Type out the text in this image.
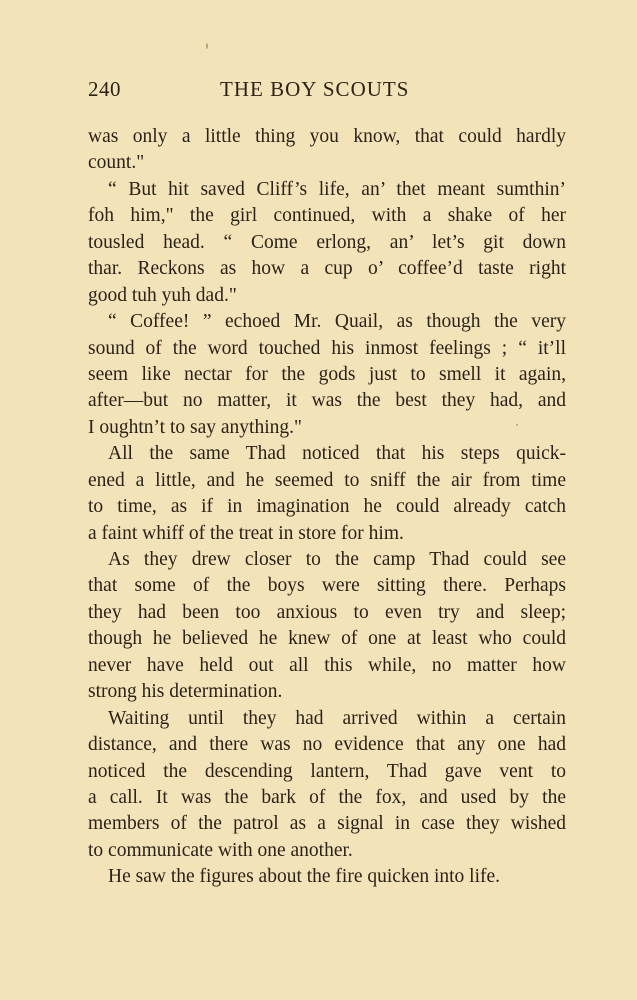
240	THE BOY SCOUTS
was only a little thing you know, that could hardly
count."
“ But hit saved Cliff’s life, an’ thet meant sumthin’
foh him," the girl continued, with a shake of her
tousled head. “ Come erlong, an’ let’s git down
thar. Reckons as how a cup o’ coffee’d taste right
good tuh yuh dad."
“ Coffee! ” echoed Mr. Quail, as though the very
sound of the word touched his inmost feelings ; “ it’ll
seem like nectar for the gods just to smell it again,
after—but no matter, it was the best they had, and
I oughtn’t to say anything."
All the same Thad noticed that his steps quick-
ened a little, and he seemed to sniff the air from time
to time, as if in imagination he could already catch
a faint whiff of the treat in store for him.
As they drew closer to the camp Thad could see
that some of the boys were sitting there. Perhaps
they had been too anxious to even try and sleep;
though he believed he knew of one at least who could
never have held out all this while, no matter how
strong his determination.
Waiting until they had arrived within a certain
distance, and there was no evidence that any one had
noticed the descending lantern, Thad gave vent to
a call. It was the bark of the fox, and used by the
members of the patrol as a signal in case they wished
to communicate with one another.
He saw the figures about the fire quicken into life.
